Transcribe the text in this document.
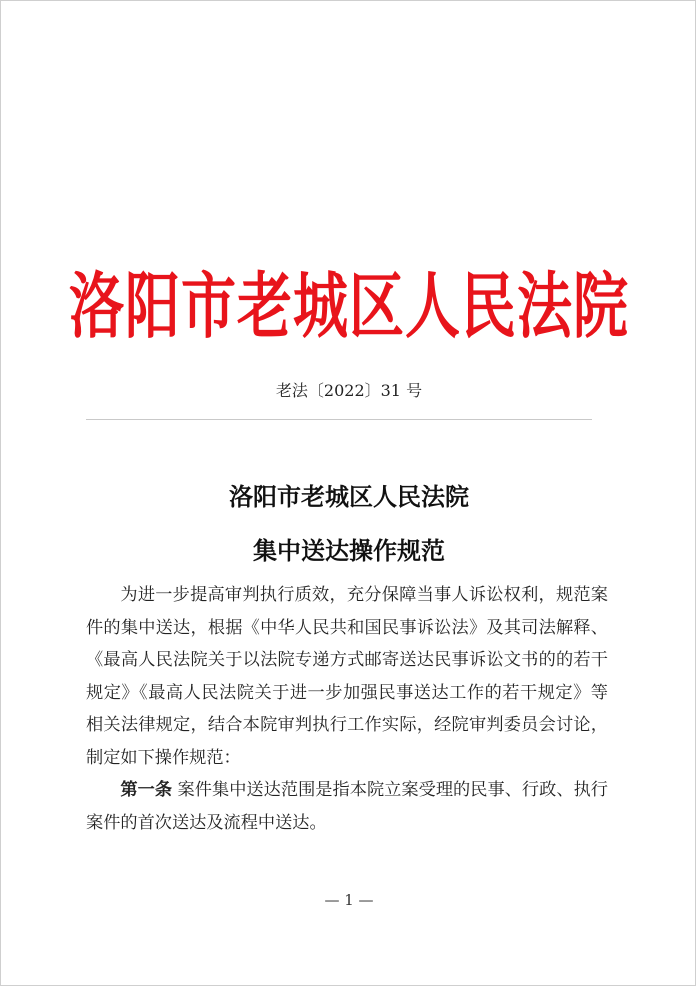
洛阳市老城区人民法院
老法〔2022〕31 号
洛阳市老城区人民法院
集中送达操作规范

为进一步提高审判执行质效，充分保障当事人诉讼权利，规范案件的集中送达，根据《中华人民共和国民事诉讼法》及其司法解释、《最高人民法院关于以法院专递方式邮寄送达民事诉讼文书的的若干规定》《最高人民法院关于进一步加强民事送达工作的若干规定》等相关法律规定，结合本院审判执行工作实际，经院审判委员会讨论，制定如下操作规范：

第一条 案件集中送达范围是指本院立案受理的民事、行政、执行案件的首次送达及流程中送达。

— 1 —
